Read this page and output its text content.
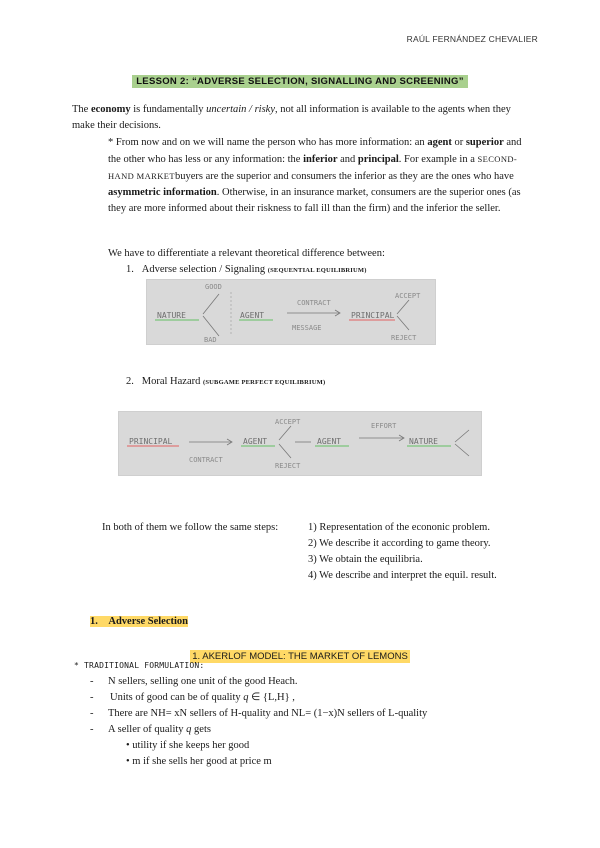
RAÚL FERNÁNDEZ CHEVALIER
LESSON 2: “ADVERSE SELECTION, SIGNALLING AND SCREENING”
The economy is fundamentally uncertain / risky, not all information is available to the agents when they make their decisions.
* From now and on we will name the person who has more information: an agent or superior and the other who has less or any information: the inferior and principal. For example in a SECOND-HAND MARKETbuyers are the superior and consumers the inferior as they are the ones who have asymmetric information. Otherwise, in an insurance market, consumers are the superior ones (as they are more informed about their riskness to fall ill than the firm) and the inferior the seller.
We have to differentiate a relevant theoretical difference between:
1. Adverse selection / Signaling (SEQUENTIAL EQUILIBRIUM)
GOOD
BAD
NATURE	AGENT
CONTRACT
MESSAGE
PRINCIPAL
ACCEPT
REJECT
2. Moral Hazard (SUBGAME PERFECT EQUILIBRIUM)
PRINCIPAL
CONTRACT
AGENT
ACCEPT
REJECT
AGENT
EFFORT
NATURE
In both of them we follow the same steps:	1) Representation of the econonic problem.
2) We describe it according to game theory.
3) We obtain the equilibria.
4) We describe and interpret the equil. result.
1. Adverse Selection
1. AKERLOF MODEL: THE MARKET OF LEMONS
* TRADITIONAL FORMULATION:
- N sellers, selling one unit of the good Heach.
- Units of good can be of quality q ∈ {L,H} ,
- There are NH= xN sellers of H-quality and NL= (1−x)N sellers of L-quality
- A seller of quality q gets
• utility if she keeps her good
• m if she sells her good at price m
